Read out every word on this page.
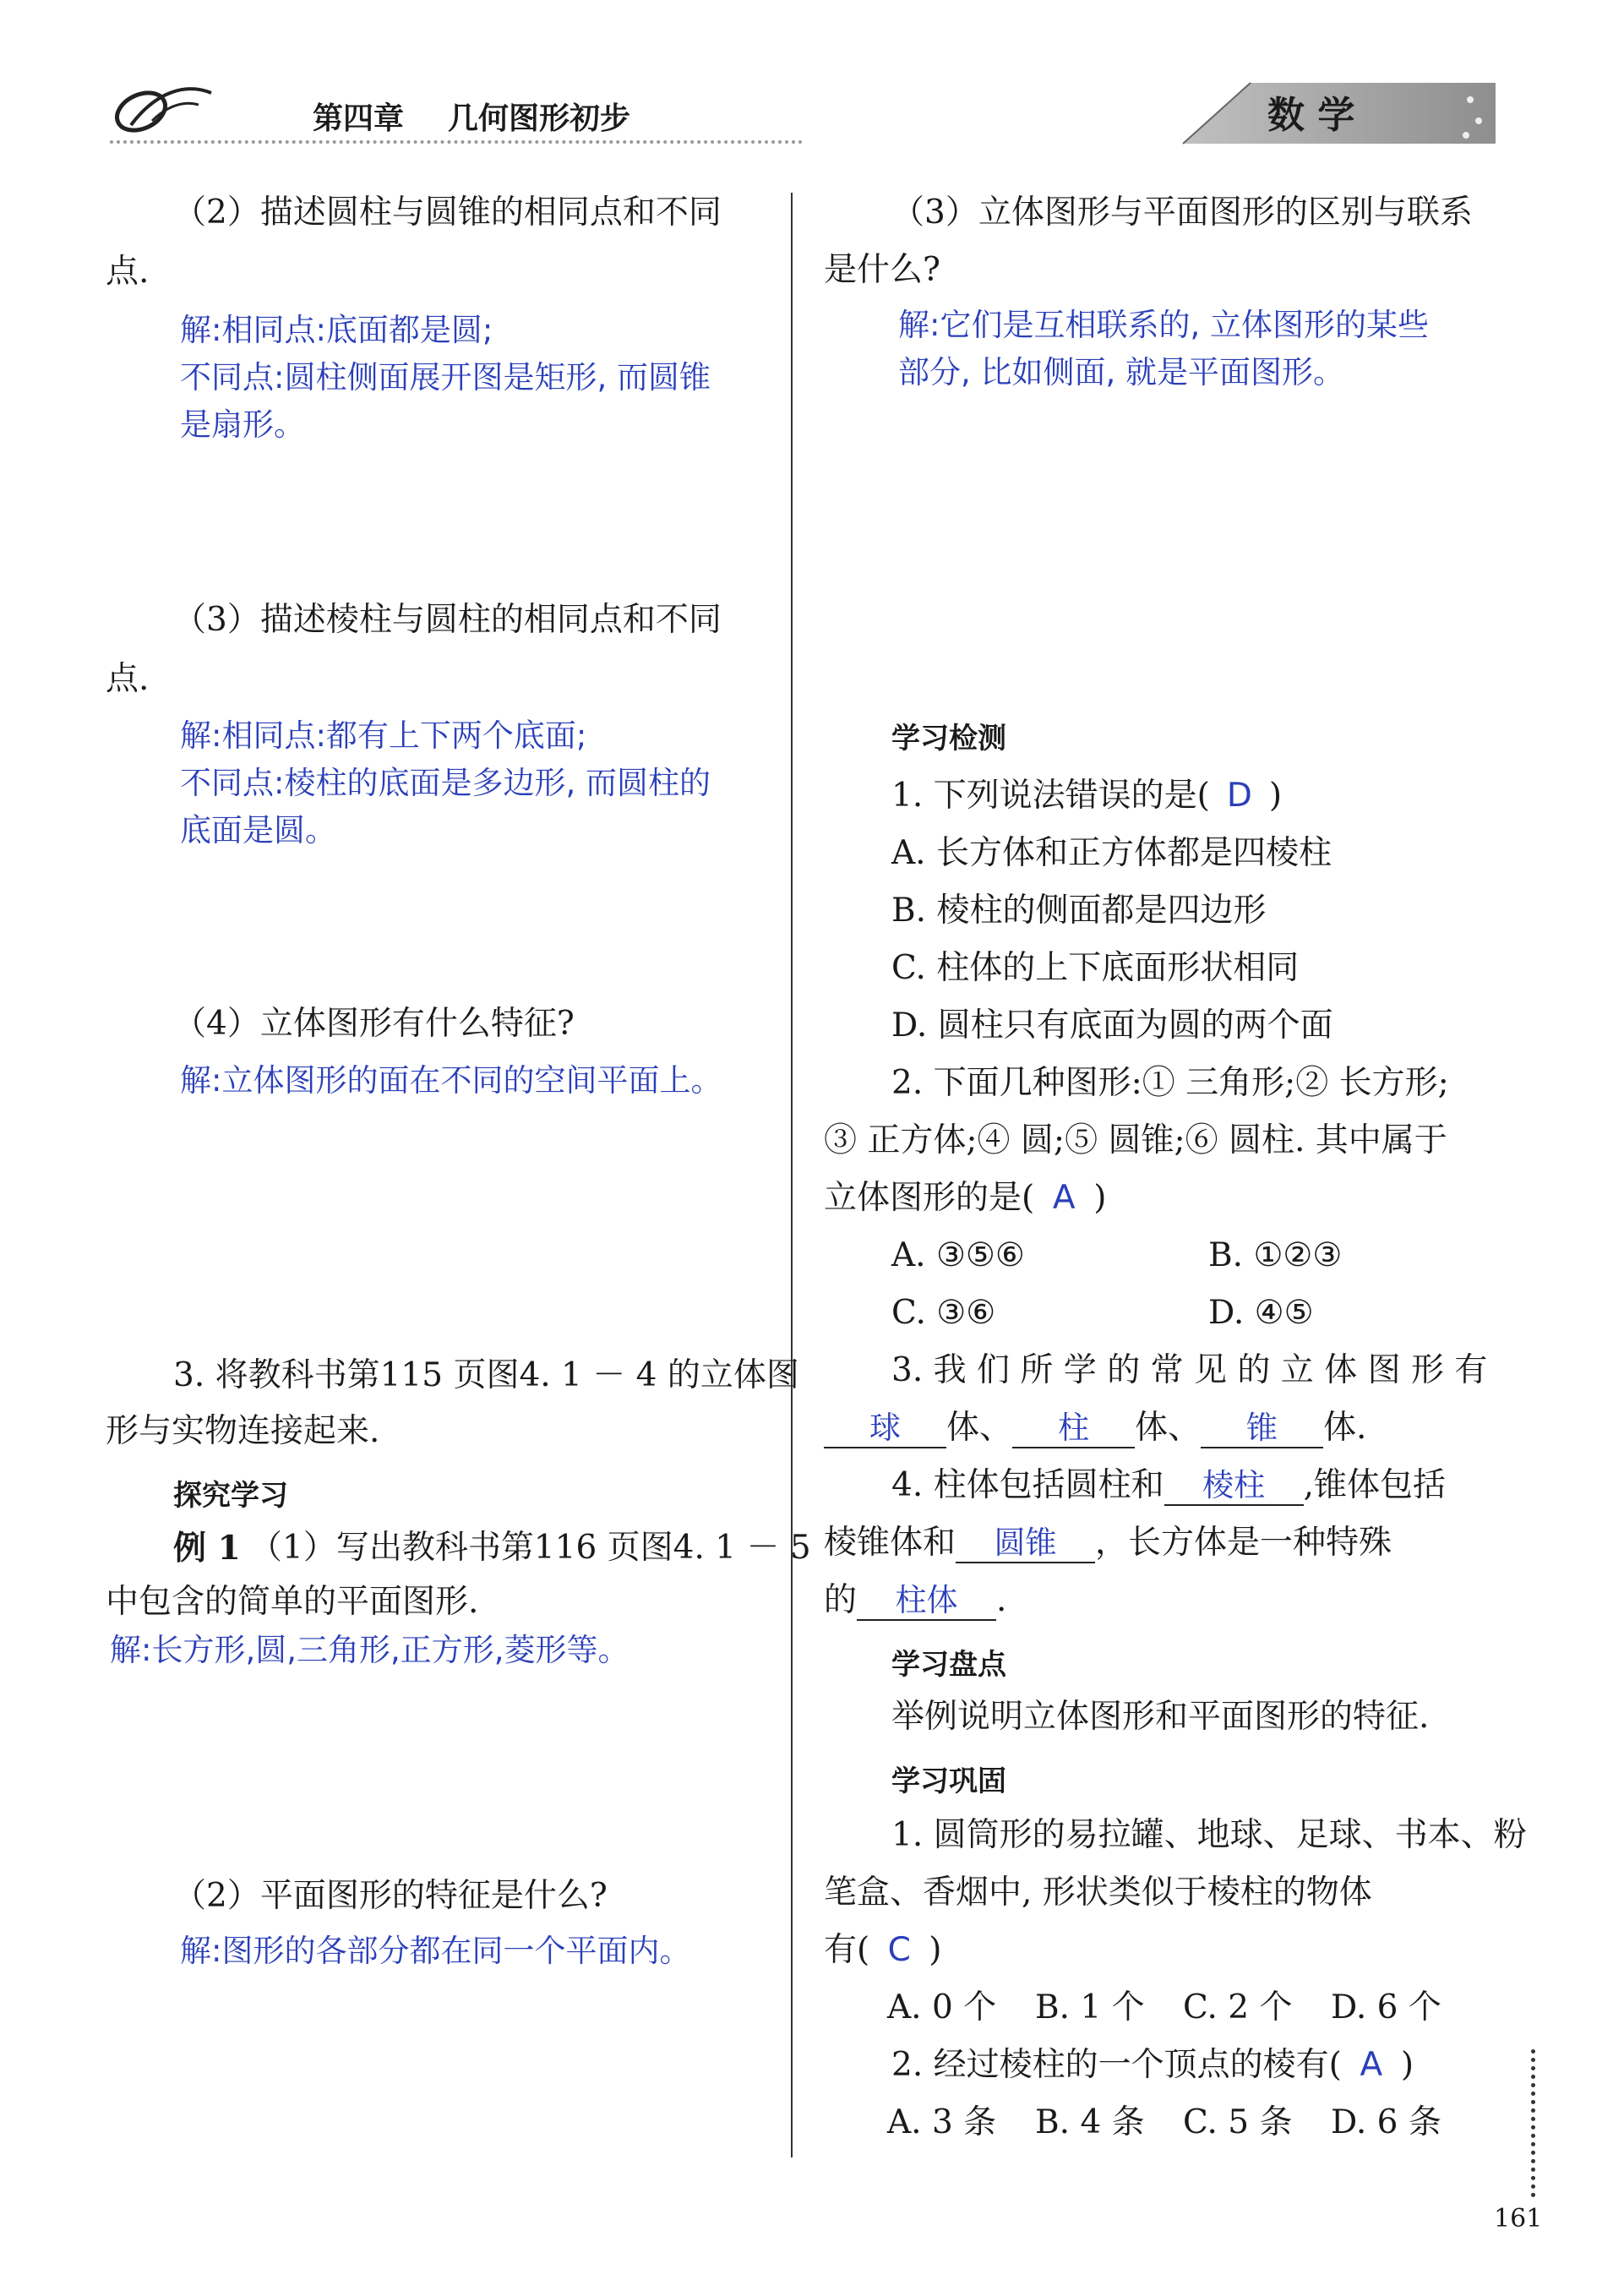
第四章 几何图形初步	数 学
（2）描述圆柱与圆锥的相同点和不同
点.
解:相同点:底面都是圆;
不同点:圆柱侧面展开图是矩形, 而圆锥
是扇形。
（3）描述棱柱与圆柱的相同点和不同
点.
解:相同点:都有上下两个底面;
不同点:棱柱的底面是多边形, 而圆柱的
底面是圆。
（4）立体图形有什么特征?
解:立体图形的面在不同的空间平面上。
3. 将教科书第115 页图4. 1 － 4 的立体图
形与实物连接起来.
探究学习
例 1 （1）写出教科书第116 页图4. 1 － 5
中包含的简单的平面图形.
解:长方形,圆,三角形,正方形,菱形等。
（2）平面图形的特征是什么?
解:图形的各部分都在同一个平面内。
（3）立体图形与平面图形的区别与联系
是什么?
解:它们是互相联系的, 立体图形的某些
部分, 比如侧面, 就是平面图形。
学习检测
1. 下列说法错误的是( D )
A. 长方体和正方体都是四棱柱
B. 棱柱的侧面都是四边形
C. 柱体的上下底面形状相同
D. 圆柱只有底面为圆的两个面
2. 下面几种图形:① 三角形;② 长方形;
③ 正方体;④ 圆;⑤ 圆锥;⑥ 圆柱. 其中属于
立体图形的是( A )
A. ③⑤⑥	B. ①②③
C. ③⑥	D. ④⑤
3. 我 们 所 学 的 常 见 的 立 体 图 形 有
球 体、 柱 体、 锥 体.
4. 柱体包括圆柱和 棱柱 ,锥体包括
棱锥体和 圆锥 ，长方体是一种特殊
的 柱体 .
学习盘点
举例说明立体图形和平面图形的特征.
学习巩固
1. 圆筒形的易拉罐、地球、足球、书本、粉
笔盒、香烟中, 形状类似于棱柱的物体
有( C )
A. 0 个 B. 1 个 C. 2 个 D. 6 个
2. 经过棱柱的一个顶点的棱有( A )
A. 3 条 B. 4 条 C. 5 条 D. 6 条
161
